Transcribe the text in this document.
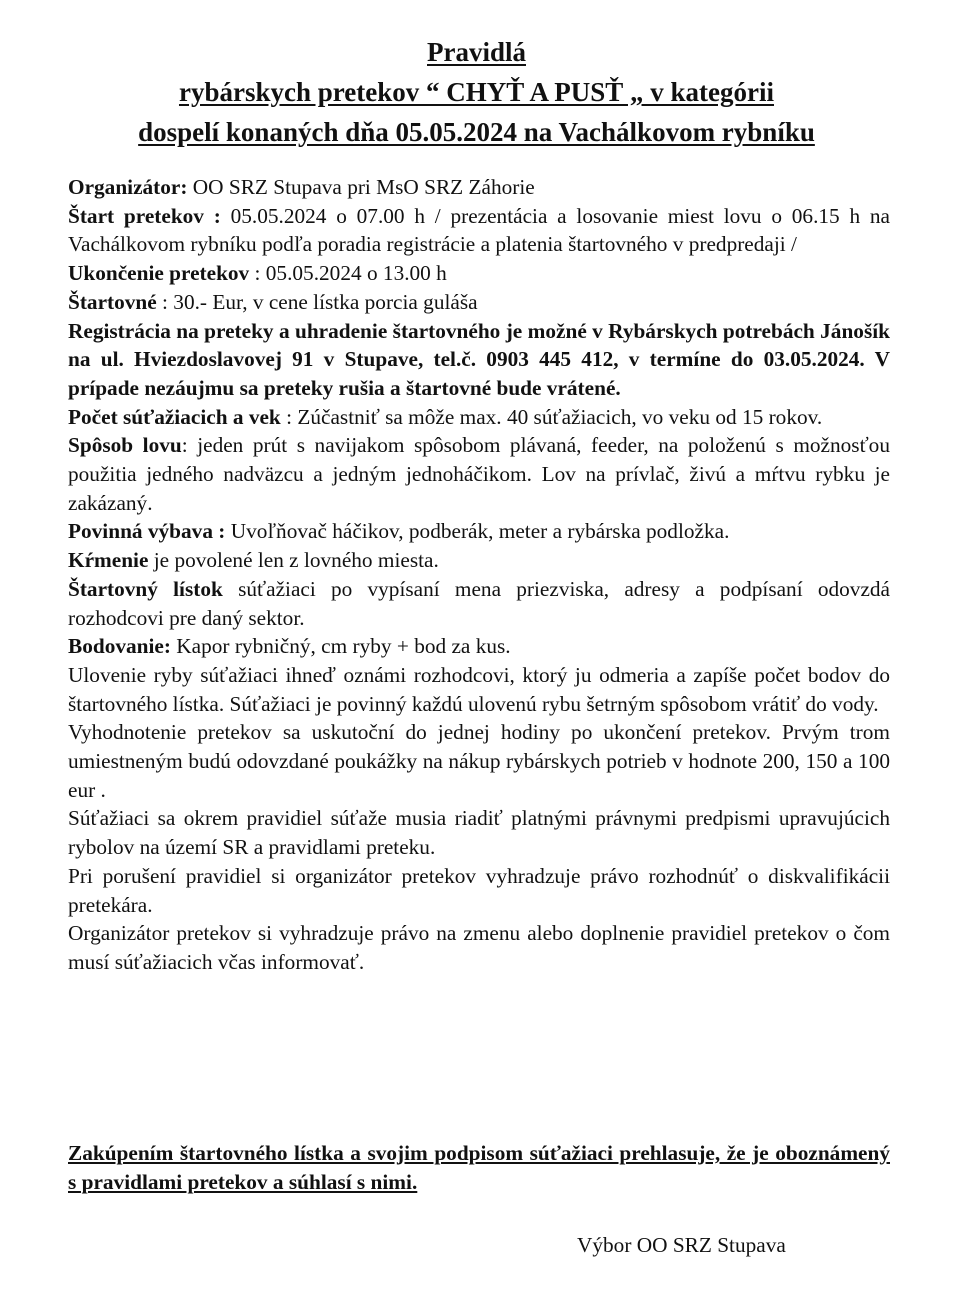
Pravidlá
rybárskych pretekov “ CHYŤ A PUSŤ „ v kategórii
dospelí konaných dňa 05.05.2024 na Vachálkovom rybníku

Organizátor: OO SRZ Stupava pri MsO SRZ Záhorie

Štart pretekov : 05.05.2024 o 07.00 h / prezentácia a losovanie miest lovu o 06.15 h na Vachálkovom rybníku podľa poradia registrácie a platenia štartovného v predpredaji /

Ukončenie pretekov : 05.05.2024 o 13.00 h

Štartovné : 30.- Eur, v cene lístka porcia guláša

Registrácia na preteky a uhradenie štartovného je možné v Rybárskych potrebách Jánošík na ul. Hviezdoslavovej 91 v Stupave, tel.č. 0903 445 412, v termíne do 03.05.2024. V prípade nezáujmu sa preteky rušia a štartovné bude vrátené.

Počet súťažiacich a vek : Zúčastniť sa môže max. 40 súťažiacich, vo veku od 15 rokov.

Spôsob lovu: jeden prút s navijakom spôsobom plávaná, feeder, na položenú s možnosťou použitia jedného nadväzcu a jedným jednoháčikom. Lov na prívlač, živú a mŕtvu rybku je zakázaný.

Povinná výbava : Uvoľňovač háčikov, podberák, meter a rybárska podložka.

Kŕmenie je povolené len z lovného miesta.

Štartovný lístok súťažiaci po vypísaní mena priezviska, adresy a podpísaní odovzdá rozhodcovi pre daný sektor.

Bodovanie: Kapor rybničný, cm ryby + bod za kus.

Ulovenie ryby súťažiaci ihneď oznámi rozhodcovi, ktorý ju odmeria a zapíše počet bodov do štartovného lístka. Súťažiaci je povinný každú ulovenú rybu šetrným spôsobom vrátiť do vody.

Vyhodnotenie pretekov sa uskutoční do jednej hodiny po ukončení pretekov. Prvým trom umiestneným budú odovzdané poukážky na nákup rybárskych potrieb v hodnote 200, 150 a 100 eur .

Súťažiaci sa okrem pravidiel súťaže musia riadiť platnými právnymi predpismi upravujúcich rybolov na území SR a pravidlami preteku.

Pri porušení pravidiel si organizátor pretekov vyhradzuje právo rozhodnúť o diskvalifikácii pretekára.

Organizátor pretekov si vyhradzuje právo na zmenu alebo doplnenie pravidiel pretekov o čom musí súťažiacich včas informovať.

Zakúpením štartovného lístka a svojim podpisom súťažiaci prehlasuje, že je oboznámený s pravidlami pretekov a súhlasí s nimi.

Výbor OO SRZ Stupava
